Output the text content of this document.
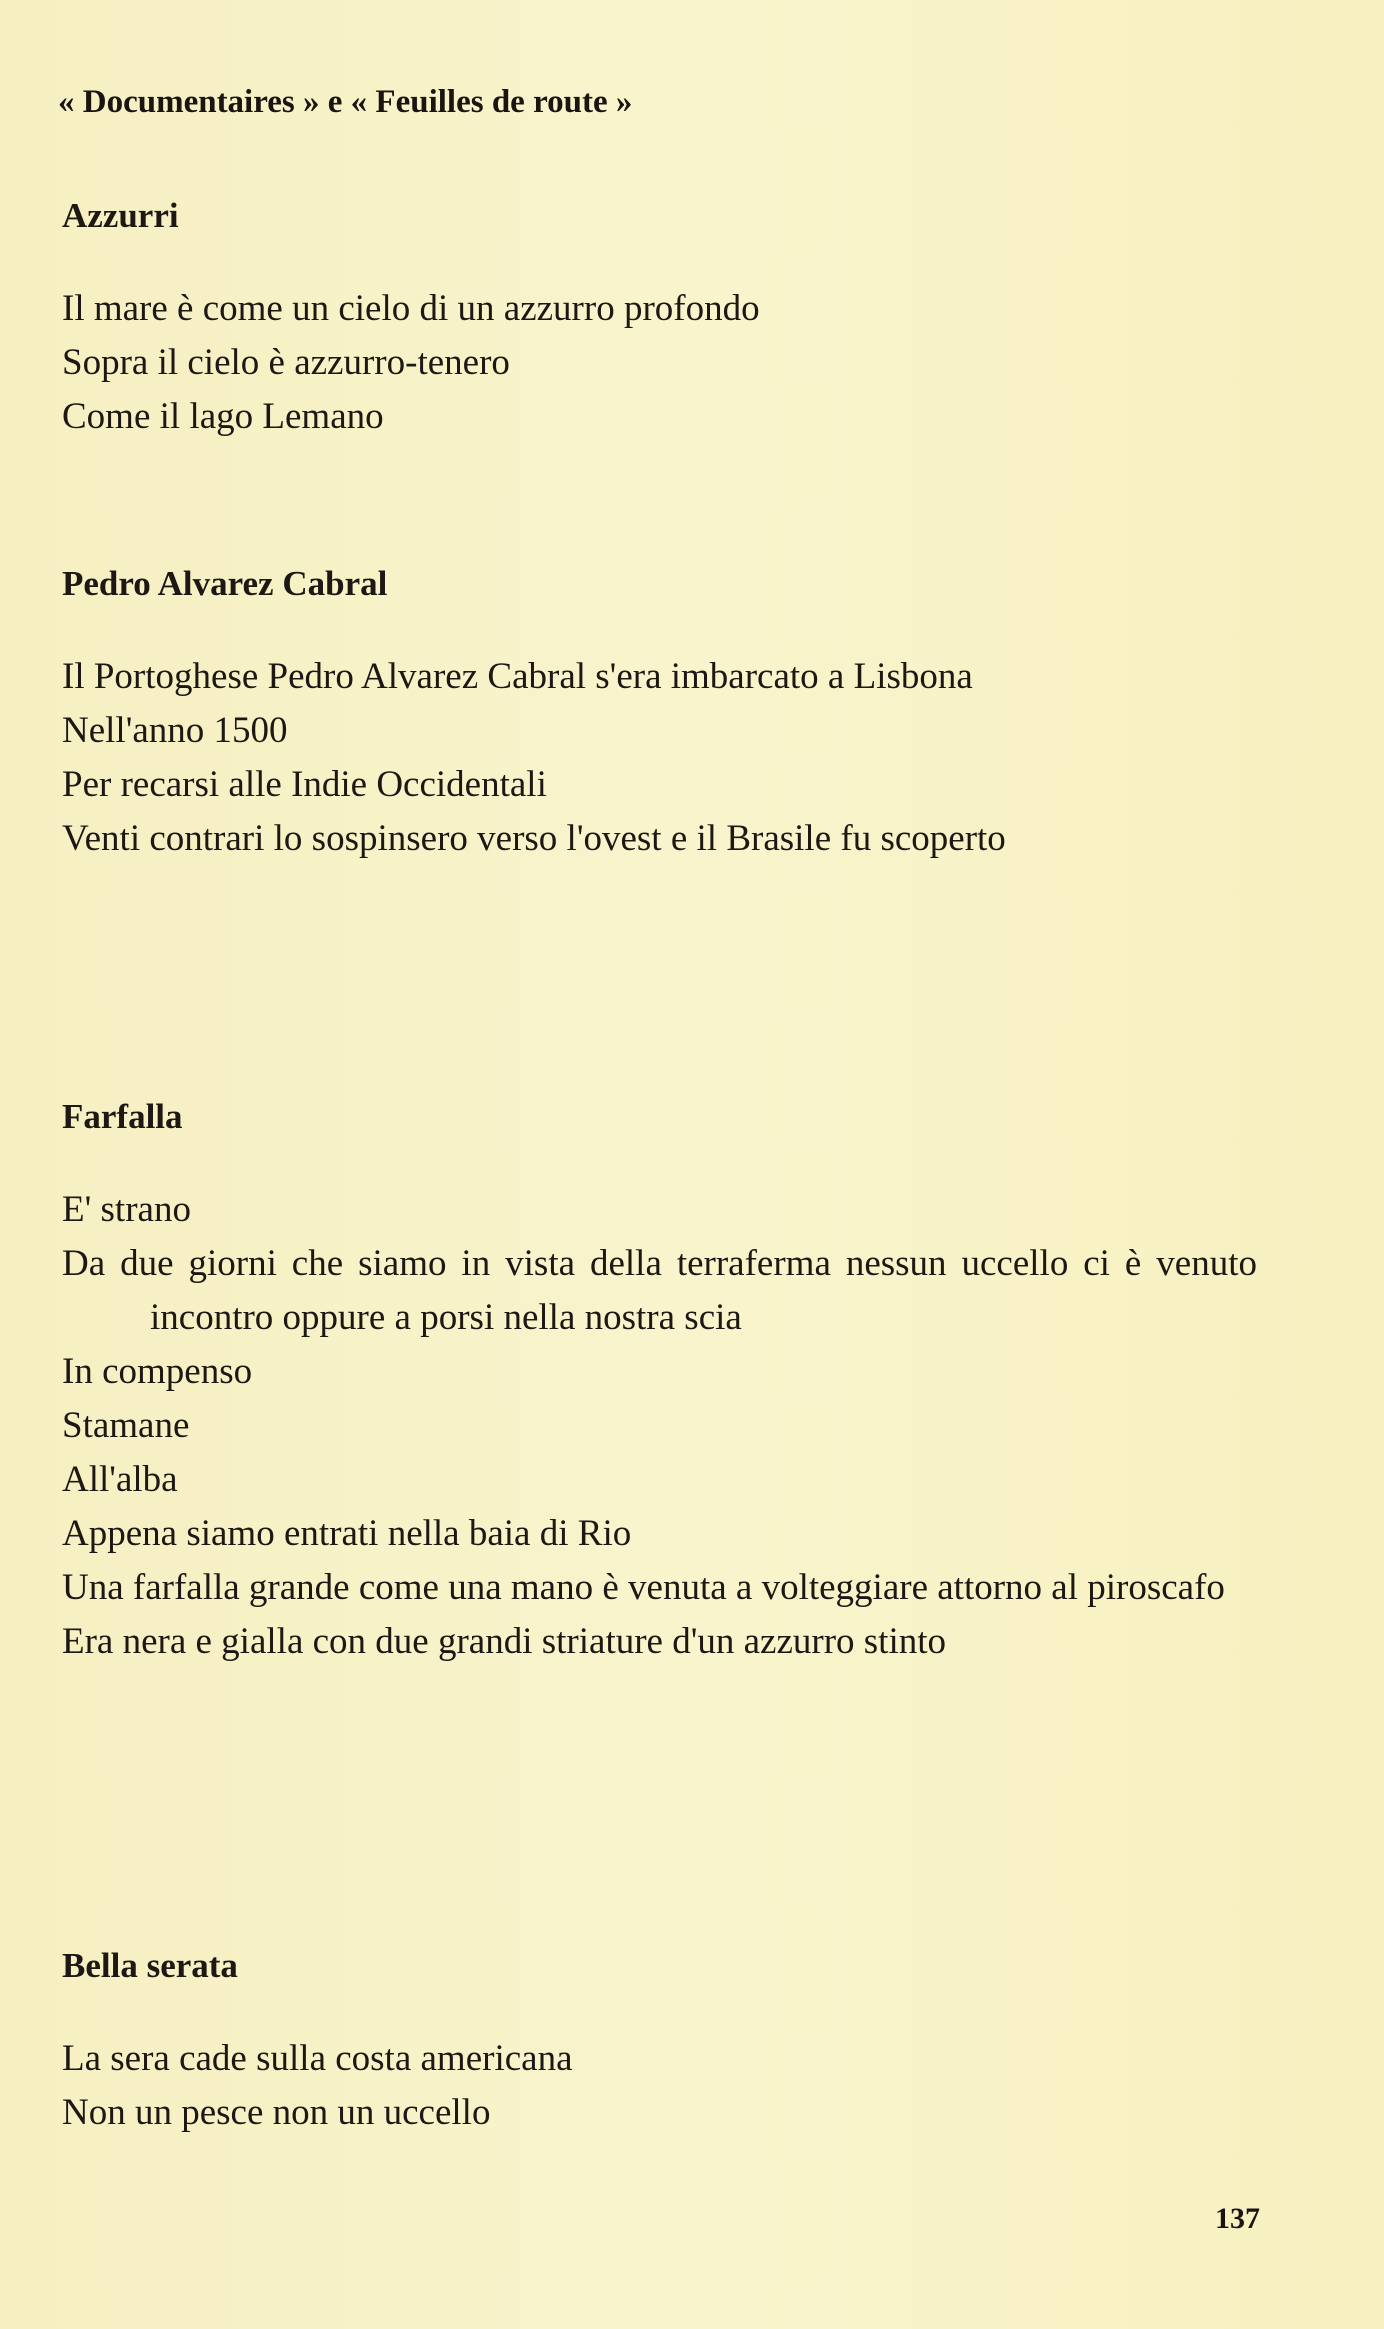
« Documentaires » e « Feuilles de route »
Azzurri
Il mare è come un cielo di un azzurro profondo
Sopra il cielo è azzurro-tenero
Come il lago Lemano
Pedro Alvarez Cabral
Il Portoghese Pedro Alvarez Cabral s'era imbarcato a Lisbona
Nell'anno 1500
Per recarsi alle Indie Occidentali
Venti contrari lo sospinsero verso l'ovest e il Brasile fu scoperto
Farfalla
E' strano
Da due giorni che siamo in vista della terraferma nessun uccello ci è venuto incontro oppure a porsi nella nostra scia
In compenso
Stamane
All'alba
Appena siamo entrati nella baia di Rio
Una farfalla grande come una mano è venuta a volteggiare attorno al piroscafo
Era nera e gialla con due grandi striature d'un azzurro stinto
Bella serata
La sera cade sulla costa americana
Non un pesce non un uccello
137
